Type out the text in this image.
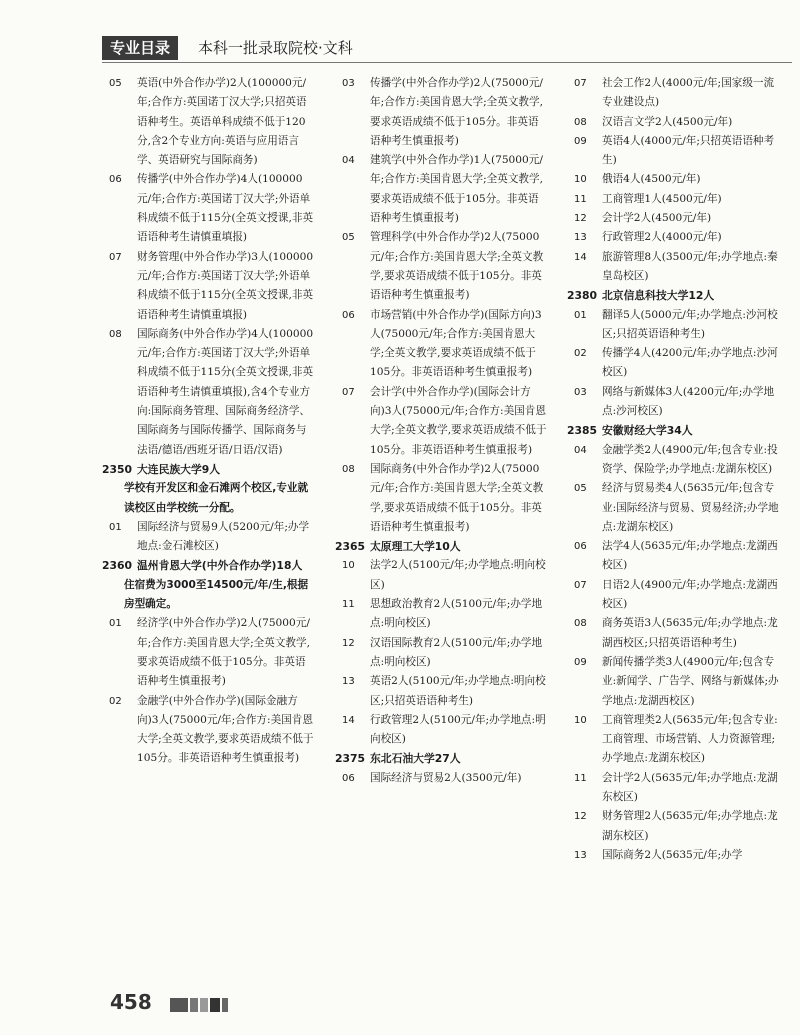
专业目录	本科一批录取院校·文科
05 英语(中外合作办学)2人(100000元/年;合作方:英国诺丁汉大学;只招英语语种考生。英语单科成绩不低于120分,含2个专业方向:英语与应用语言学、英语研究与国际商务)
06 传播学(中外合作办学)4人(100000元/年;合作方:英国诺丁汉大学;外语单科成绩不低于115分(全英文授课,非英语语种考生请慎重填报)
07 财务管理(中外合作办学)3人(100000元/年;合作方:英国诺丁汉大学;外语单科成绩不低于115分(全英文授课,非英语语种考生请慎重填报)
08 国际商务(中外合作办学)4人(100000元/年;合作方:英国诺丁汉大学;外语单科成绩不低于115分(全英文授课,非英语语种考生请慎重填报),含4个专业方向:国际商务管理、国际商务经济学、国际商务与国际传播学、国际商务与法语/德语/西班牙语/日语/汉语)
2350 大连民族大学9人
学校有开发区和金石滩两个校区,专业就读校区由学校统一分配。
01 国际经济与贸易9人(5200元/年;办学地点:金石滩校区)
2360 温州肯恩大学(中外合作办学)18人
住宿费为3000至14500元/年/生,根据房型确定。
01 经济学(中外合作办学)2人(75000元/年;合作方:美国肯恩大学;全英文教学,要求英语成绩不低于105分。非英语语种考生慎重报考)
02 金融学(中外合作办学)(国际金融方向)3人(75000元/年;合作方:美国肯恩大学;全英文教学,要求英语成绩不低于105分。非英语语种考生慎重报考)
03 传播学(中外合作办学)2人(75000元/年;合作方:美国肯恩大学;全英文教学,要求英语成绩不低于105分。非英语语种考生慎重报考)
04 建筑学(中外合作办学)1人(75000元/年;合作方:美国肯恩大学;全英文教学,要求英语成绩不低于105分。非英语语种考生慎重报考)
05 管理科学(中外合作办学)2人(75000元/年;合作方:美国肯恩大学;全英文教学,要求英语成绩不低于105分。非英语语种考生慎重报考)
06 市场营销(中外合作办学)(国际方向)3人(75000元/年;合作方:美国肯恩大学;全英文教学,要求英语成绩不低于105分。非英语语种考生慎重报考)
07 会计学(中外合作办学)(国际会计方向)3人(75000元/年;合作方:美国肯恩大学;全英文教学,要求英语成绩不低于105分。非英语语种考生慎重报考)
08 国际商务(中外合作办学)2人(75000元/年;合作方:美国肯恩大学;全英文教学,要求英语成绩不低于105分。非英语语种考生慎重报考)
2365 太原理工大学10人
10 法学2人(5100元/年;办学地点:明向校区)
11 思想政治教育2人(5100元/年;办学地点:明向校区)
12 汉语国际教育2人(5100元/年;办学地点:明向校区)
13 英语2人(5100元/年;办学地点:明向校区;只招英语语种考生)
14 行政管理2人(5100元/年;办学地点:明向校区)
2375 东北石油大学27人
06 国际经济与贸易2人(3500元/年)
07 社会工作2人(4000元/年;国家级一流专业建设点)
08 汉语言文学2人(4500元/年)
09 英语4人(4000元/年;只招英语语种考生)
10 俄语4人(4500元/年)
11 工商管理1人(4500元/年)
12 会计学2人(4500元/年)
13 行政管理2人(4000元/年)
14 旅游管理8人(3500元/年;办学地点:秦皇岛校区)
2380 北京信息科技大学12人
01 翻译5人(5000元/年;办学地点:沙河校区;只招英语语种考生)
02 传播学4人(4200元/年;办学地点:沙河校区)
03 网络与新媒体3人(4200元/年;办学地点:沙河校区)
2385 安徽财经大学34人
04 金融学类2人(4900元/年;包含专业:投资学、保险学;办学地点:龙湖东校区)
05 经济与贸易类4人(5635元/年;包含专业:国际经济与贸易、贸易经济;办学地点:龙湖东校区)
06 法学4人(5635元/年;办学地点:龙湖西校区)
07 日语2人(4900元/年;办学地点:龙湖西校区)
08 商务英语3人(5635元/年;办学地点:龙湖西校区;只招英语语种考生)
09 新闻传播学类3人(4900元/年;包含专业:新闻学、广告学、网络与新媒体;办学地点:龙湖西校区)
10 工商管理类2人(5635元/年;包含专业:工商管理、市场营销、人力资源管理;办学地点:龙湖东校区)
11 会计学2人(5635元/年;办学地点:龙湖东校区)
12 财务管理2人(5635元/年;办学地点:龙湖东校区)
13 国际商务2人(5635元/年;办学
458
